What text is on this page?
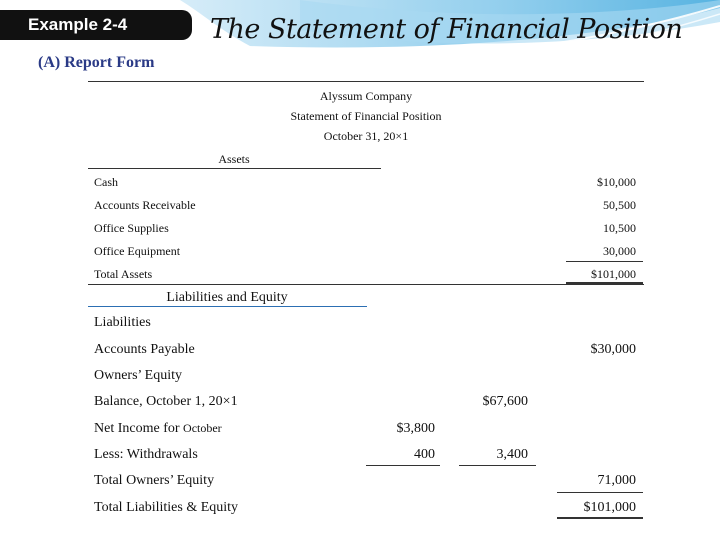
Example 2-4	The Statement of Financial Position
(A) Report Form
Alyssum Company
Statement of Financial Position
October 31, 20×1
Assets
Cash	$10,000
Accounts Receivable	50,500
Office Supplies	10,500
Office Equipment	30,000
Total Assets	$101,000
Liabilities and Equity
Liabilities
Accounts Payable	$30,000
Owners’ Equity
Balance, October 1, 20×1	$67,600
Net Income for October	$3,800
Less: Withdrawals	400	3,400
Total Owners’ Equity	71,000
Total Liabilities & Equity	$101,000
